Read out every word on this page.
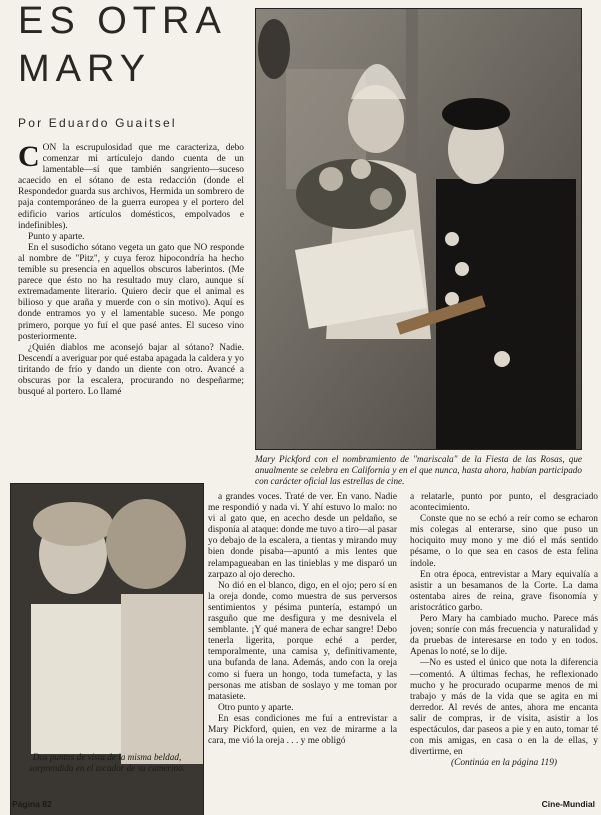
ES OTRA
MARY
Por Eduardo Guaitsel

CON la escrupulosidad que me caracteriza, debo comenzar mi artículejo dando cuenta de un lamentable—sí que también sangriento—suceso acaecido en el sótano de esta redacción (donde el Respondedor guarda sus archivos, Hermida un sombrero de paja contemporáneo de la guerra europea y el portero del edificio varios artículos domésticos, empolvados e indefinibles).

Punto y aparte.

En el susodicho sótano vegeta un gato que NO responde al nombre de "Pitz", y cuya feroz hipocondría ha hecho temible su presencia en aquellos obscuros laberintos. (Me parece que ésto no ha resultado muy claro, aunque sí extremadamente literario. Quiero decir que el animal es bilioso y que araña y muerde con o sin motivo). Aquí es donde entramos yo y el lamentable suceso. Me pongo primero, porque yo fuí el que pasé antes. El suceso vino posteriormente.

¿Quién diablos me aconsejó bajar al sótano? Nadie. Descendí a averiguar por qué estaba apagada la caldera y yo tiritando de frío y dando un diente con otro. Avancé a obscuras por la escalera, procurando no despeñarme; busqué al portero. Lo llamé

Mary Pickford con el nombramiento de "mariscala" de la Fiesta de las Rosas, que anualmente se celebra en California y en el que nunca, hasta ahora, habían participado con carácter oficial las estrellas de cine.
Dos puntos de vista de la misma beldad, sorprendida en el tocador de su camerino.

a grandes voces. Traté de ver. En vano. Nadie me respondió y nada vi. Y ahí estuvo lo malo: no vi al gato que, en acecho desde un peldaño, se disponía al ataque: donde me tuvo a tiro—al pasar yo debajo de la escalera, a tientas y mirando muy bien donde pisaba—apuntó a mis lentes que relampagueaban en las tinieblas y me disparó un zarpazo al ojo derecho.

No dió en el blanco, digo, en el ojo; pero sí en la oreja donde, como muestra de sus perversos sentimientos y pésima puntería, estampó un rasguño que me desfigura y me desnivela el semblante. ¡Y qué manera de echar sangre! Debo tenerla ligerita, porque eché a perder, temporalmente, una camisa y, definitivamente, una bufanda de lana. Además, ando con la oreja como si fuera un hongo, toda tumefacta, y las personas me atisban de soslayo y me toman por matasiete.

Otro punto y aparte.

En esas condiciones me fuí a entrevistar a Mary Pickford, quien, en vez de mirarme a la cara, me vió la oreja . . . y me obligó

a relatarle, punto por punto, el desgraciado acontecimiento.

Conste que no se echó a reír como se echaron mis colegas al enterarse, sino que puso un hociquito muy mono y me dió el más sentido pésame, o lo que sea en casos de esta felina índole.

En otra época, entrevistar a Mary equivalía a asistir a un besamanos de la Corte. La dama ostentaba aires de reina, grave fisonomía y aristocrático garbo.

Pero Mary ha cambiado mucho. Parece más joven; sonríe con más frecuencia y naturalidad y da pruebas de interesarse en todo y en todos. Apenas lo noté, se lo dije.

—No es usted el único que nota la diferencia—comentó. A últimas fechas, he reflexionado mucho y he procurado ocuparme menos de mi trabajo y más de la vida que se agita en mi derredor. Al revés de antes, ahora me encanta salir de compras, ir de visita, asistir a los espectáculos, dar paseos a pie y en auto, tomar té con mis amigas, en casa o en la de ellas, y divertirme, en

(Continúa en la página 119)

Página 82	Cine-Mundial
